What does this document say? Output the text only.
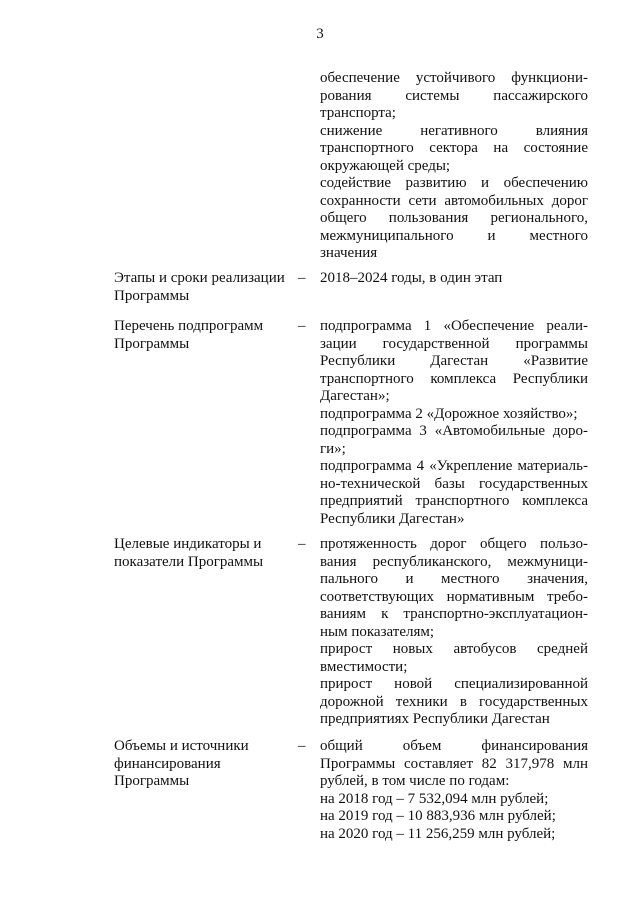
3

обеспечение устойчивого функциони-рования системы пассажирского транспорта;

снижение негативного влияния транспортного сектора на состояние окружающей среды;

содействие развитию и обеспечению сохранности сети автомобильных дорог общего пользования регионального, межмуниципального и местного значения

Этапы и сроки реализации Программы
– 2018–2024 годы, в один этап

Перечень подпрограмм Программы
– подпрограмма 1 «Обеспечение реали-зации государственной программы Республики Дагестан «Развитие транспортного комплекса Республики Дагестан»;

подпрограмма 2 «Дорожное хозяйство»;

подпрограмма 3 «Автомобильные доро-ги»;

подпрограмма 4 «Укрепление материаль-но-технической базы государственных предприятий транспортного комплекса Республики Дагестан»

Целевые индикаторы и показатели Программы
– протяженность дорог общего пользо-вания республиканского, межмуници-пального и местного значения, соответствующих нормативным требо-ваниям к транспортно-эксплуатацион-ным показателям;

прирост новых автобусов средней вместимости;

прирост новой специализированной дорожной техники в государственных предприятиях Республики Дагестан

Объемы и источники финансирования Программы
– общий объем финансирования Программы составляет 82 317,978 млн рублей, в том числе по годам:

на 2018 год – 7 532,094 млн рублей;

на 2019 год – 10 883,936 млн рублей;

на 2020 год – 11 256,259 млн рублей;
